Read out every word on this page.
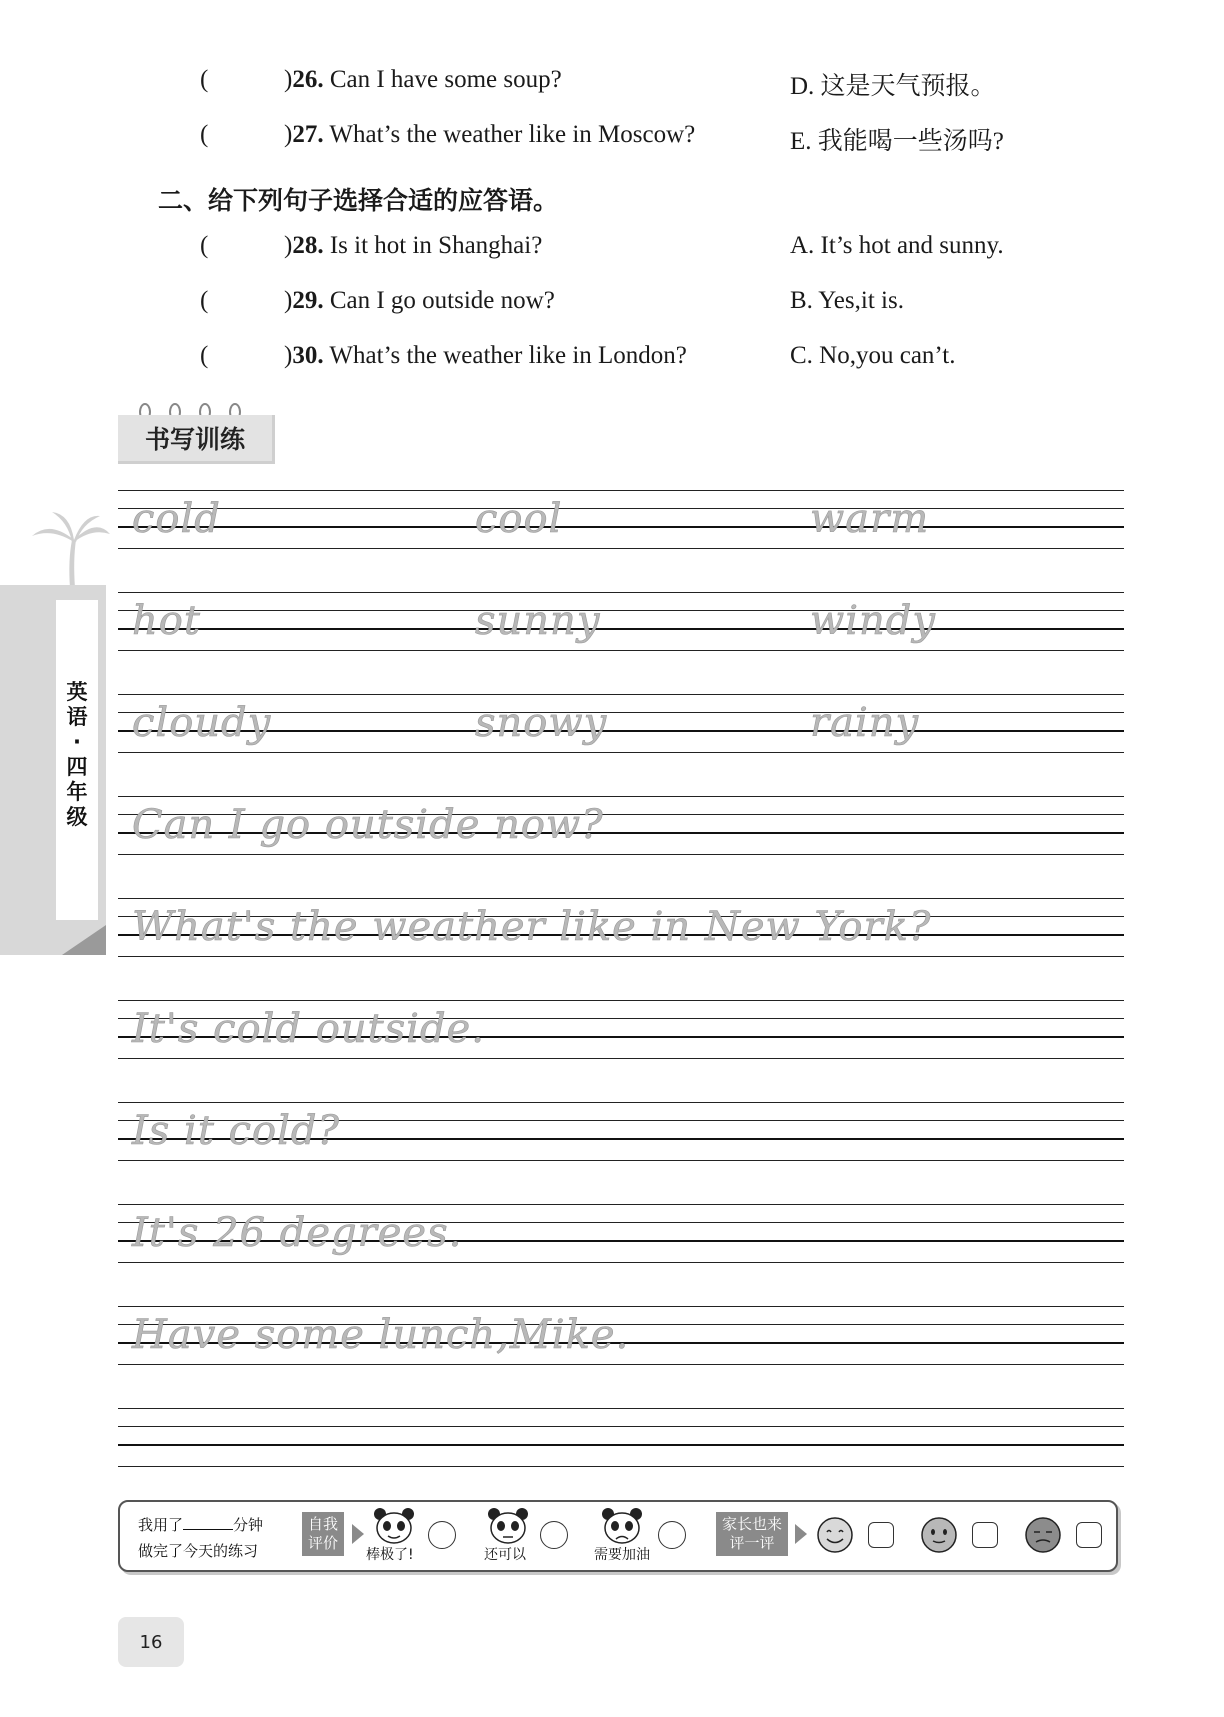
(	)26. Can I have some soup?	D. 这是天气预报。
(	)27. What’s the weather like in Moscow?	E. 我能喝一些汤吗?
二、给下列句子选择合适的应答语。
(	)28. Is it hot in Shanghai?	A. It’s hot and sunny.
(	)29. Can I go outside now?	B. Yes,it is.
(	)30. What’s the weather like in London?	C. No,you can’t.
书写训练
英
语
·
四
年
级
cold	cool	warm
hot	sunny	windy
cloudy	snowy	rainy
Can I go outside now?
What's the weather like in New York?
It's cold outside.
Is it cold?
It's 26 degrees.
Have some lunch,Mike.
我用了	分钟
做完了今天的练习
自我
评价
棒极了!	还可以	需要加油
家长也来
评一评
16
